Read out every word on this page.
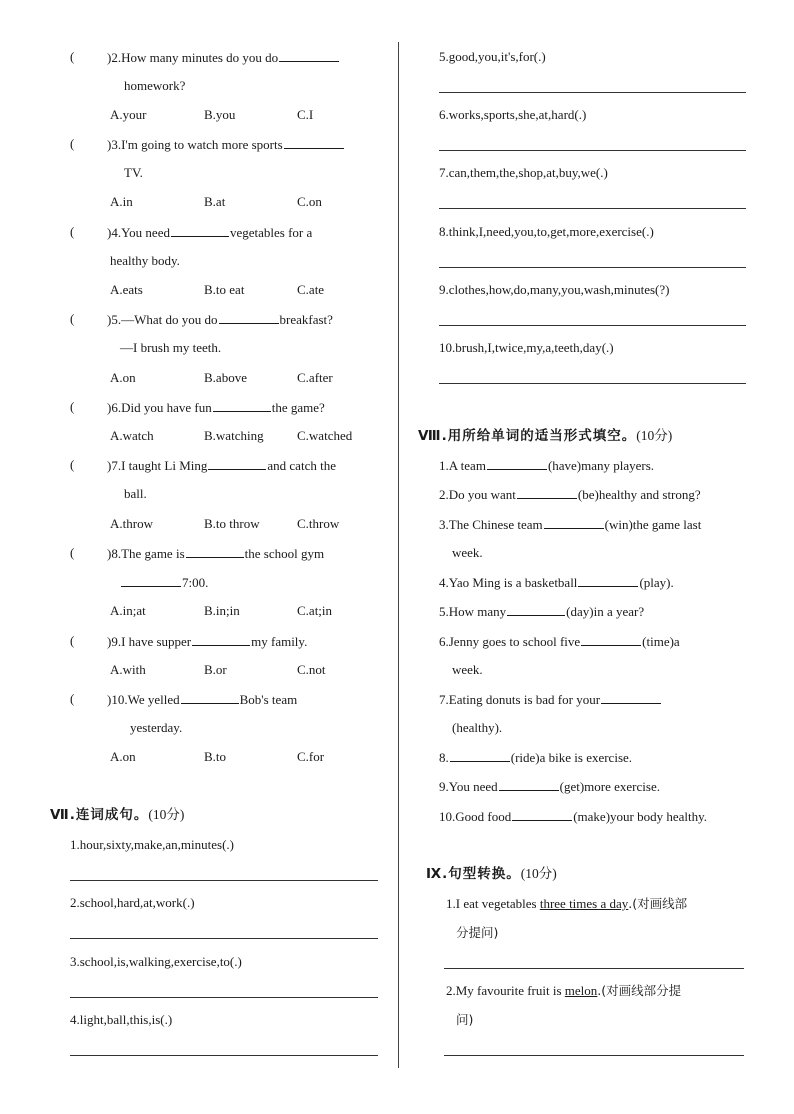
(	)2.How many minutes do you do
homework?
A.your	B.you	C.I
(	)3.I'm going to watch more sports
TV.
A.in	B.at	C.on
(	)4.You need	vegetables for a
healthy body.
A.eats	B.to eat	C.ate
(	)5.—What do you do	breakfast?
—I brush my teeth.
A.on	B.above	C.after
(	)6.Did you have fun	the game?
A.watch	B.watching	C.watched
(	)7.I taught Li Ming	and catch the
ball.
A.throw	B.to throw	C.throw
(	)8.The game is	the school gym
7:00.
A.in;at	B.in;in	C.at;in
(	)9.I have supper	my family.
A.with	B.or	C.not
(	)10.We yelled	Bob's team
yesterday.
A.on	B.to	C.for
Ⅶ.连词成句。(10分)
1.hour,sixty,make,an,minutes(.)
2.school,hard,at,work(.)
3.school,is,walking,exercise,to(.)
4.light,ball,this,is(.)
5.good,you,it's,for(.)
6.works,sports,she,at,hard(.)
7.can,them,the,shop,at,buy,we(.)
8.think,I,need,you,to,get,more,exercise(.)
9.clothes,how,do,many,you,wash,minutes(?)
10.brush,I,twice,my,a,teeth,day(.)
Ⅷ.用所给单词的适当形式填空。(10分)
1.A team	(have)many players.
2.Do you want	(be)healthy and strong?
3.The Chinese team	(win)the game last
week.
4.Yao Ming is a basketball	(play).
5.How many	(day)in a year?
6.Jenny goes to school five	(time)a
week.
7.Eating donuts is bad for your
(healthy).
8.	(ride)a bike is exercise.
9.You need	(get)more exercise.
10.Good food	(make)your body healthy.
Ⅸ.句型转换。(10分)
1.I eat vegetables three times a day.(对画线部
分提问)
2.My favourite fruit is melon.(对画线部分提
问)
